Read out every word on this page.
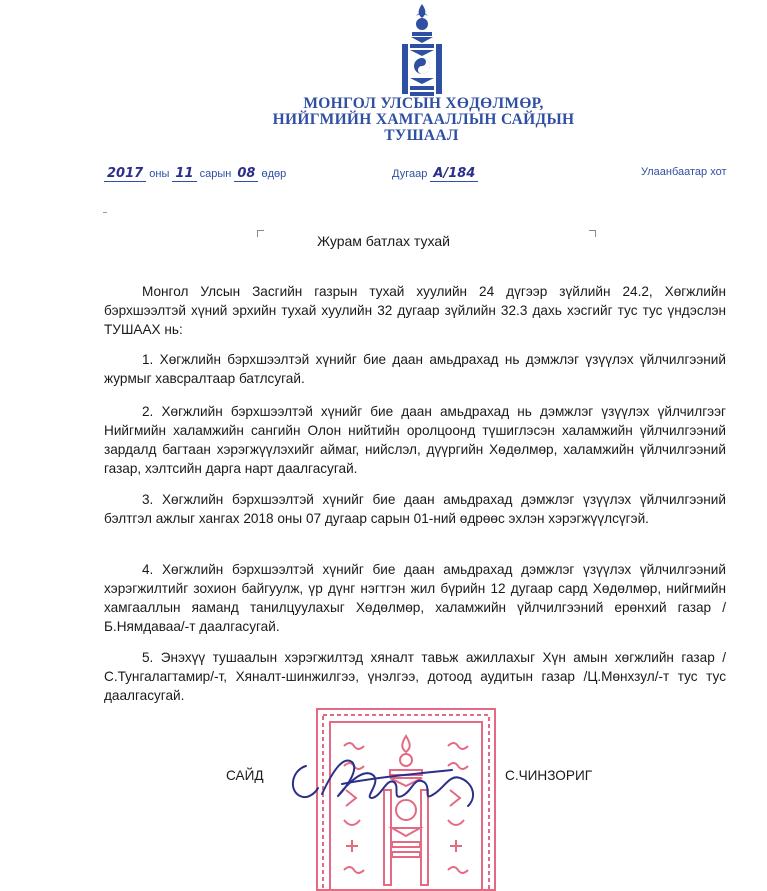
МОНГОЛ УЛСЫН ХӨДӨЛМӨР,
НИЙГМИЙН ХАМГААЛЛЫН САЙДЫН
ТУШААЛ
2017 оны 11 сарын 08 өдөр	Дугаар А/184	Улаанбаатар хот
Журам батлах тухай

Монгол Улсын Засгийн газрын тухай хуулийн 24 дүгээр зүйлийн 24.2, Хөгжлийн бэрхшээлтэй хүний эрхийн тухай хуулийн 32 дугаар зүйлийн 32.3 дахь хэсгийг тус тус үндэслэн ТУШААХ нь:

1. Хөгжлийн бэрхшээлтэй хүнийг бие даан амьдрахад нь дэмжлэг үзүүлэх үйлчилгээний журмыг хавсралтаар батлсугай.

2. Хөгжлийн бэрхшээлтэй хүнийг бие даан амьдрахад нь дэмжлэг үзүүлэх үйлчилгээг Нийгмийн халамжийн сангийн Олон нийтийн оролцоонд түшиглэсэн халамжийн үйлчилгээний зардалд багтаан хэрэгжүүлэхийг аймаг, нийслэл, дүүргийн Хөдөлмөр, халамжийн үйлчилгээний газар, хэлтсийн дарга нарт даалгасугай.

3. Хөгжлийн бэрхшээлтэй хүнийг бие даан амьдрахад дэмжлэг үзүүлэх үйлчилгээний бэлтгэл ажлыг хангах 2018 оны 07 дугаар сарын 01-ний өдрөөс эхлэн хэрэгжүүлсүгэй.

4. Хөгжлийн бэрхшээлтэй хүнийг бие даан амьдрахад дэмжлэг үзүүлэх үйлчилгээний хэрэгжилтийг зохион байгуулж, үр дүнг нэгтгэн жил бүрийн 12 дугаар сард Хөдөлмөр, нийгмийн хамгааллын яаманд танилцуулахыг Хөдөлмөр, халамжийн үйлчилгээний ерөнхий газар /Б.Нямдаваа/-т даалгасугай.

5. Энэхүү тушаалын хэрэгжилтэд хяналт тавьж ажиллахыг Хүн амын хөгжлийн газар /С.Тунгалагтамир/-т, Хяналт-шинжилгээ, үнэлгээ, дотоод аудитын газар /Ц.Мөнхзул/-т тус тус даалгасугай.

САЙД	С.ЧИНЗОРИГ
